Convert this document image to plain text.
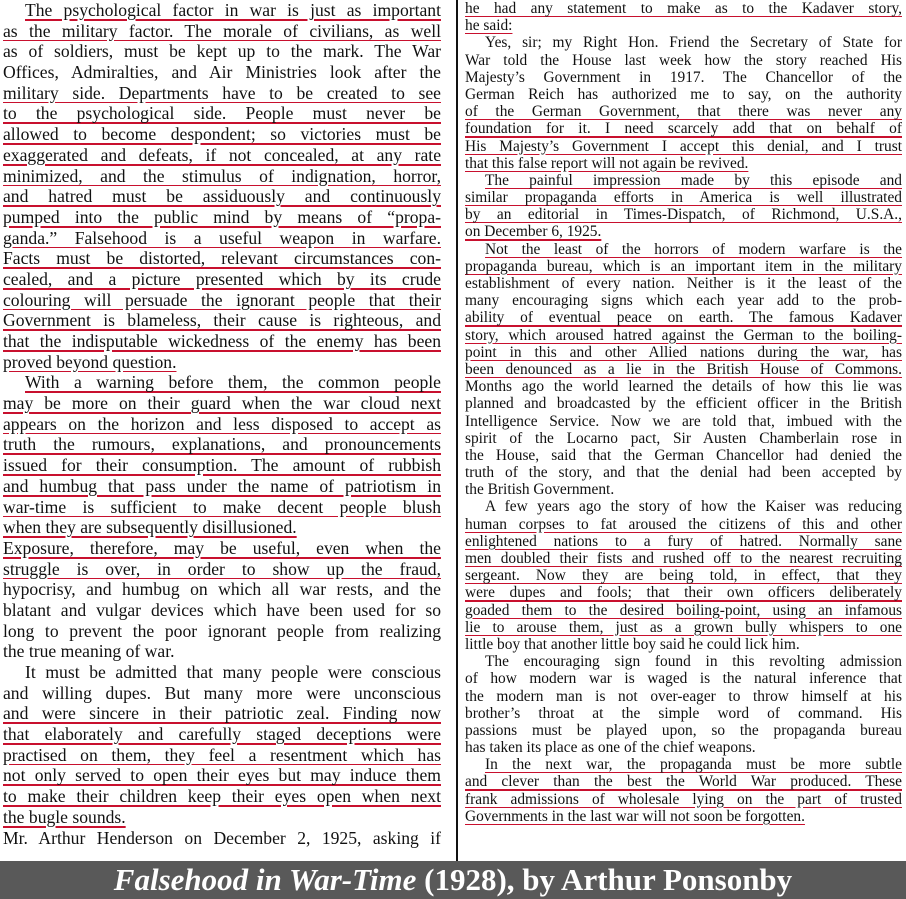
The psychological factor in war is just as important
as the military factor. The morale of civilians, as well
as of soldiers, must be kept up to the mark. The War
Offices, Admiralties, and Air Ministries look after the
military side. Departments have to be created to see
to the psychological side. People must never be
allowed to become despondent; so victories must be
exaggerated and defeats, if not concealed, at any rate
minimized, and the stimulus of indignation, horror,
and hatred must be assiduously and continuously
pumped into the public mind by means of “propa-
ganda.” Falsehood is a useful weapon in warfare.
Facts must be distorted, relevant circumstances con-
cealed, and a picture presented which by its crude
colouring will persuade the ignorant people that their
Government is blameless, their cause is righteous, and
that the indisputable wickedness of the enemy has been
proved beyond question.
With a warning before them, the common people
may be more on their guard when the war cloud next
appears on the horizon and less disposed to accept as
truth the rumours, explanations, and pronouncements
issued for their consumption. The amount of rubbish
and humbug that pass under the name of patriotism in
war-time is sufficient to make decent people blush
when they are subsequently disillusioned.
Exposure, therefore, may be useful, even when the
struggle is over, in order to show up the fraud,
hypocrisy, and humbug on which all war rests, and the
blatant and vulgar devices which have been used for so
long to prevent the poor ignorant people from realizing
the true meaning of war.
It must be admitted that many people were conscious
and willing dupes. But many more were unconscious
and were sincere in their patriotic zeal. Finding now
that elaborately and carefully staged deceptions were
practised on them, they feel a resentment which has
not only served to open their eyes but may induce them
to make their children keep their eyes open when next
the bugle sounds.
Mr. Arthur Henderson on December 2, 1925, asking if
he had any statement to make as to the Kadaver story,
he said:
Yes, sir; my Right Hon. Friend the Secretary of State for
War told the House last week how the story reached His
Majesty’s Government in 1917. The Chancellor of the
German Reich has authorized me to say, on the authority
of the German Government, that there was never any
foundation for it. I need scarcely add that on behalf of
His Majesty’s Government I accept this denial, and I trust
that this false report will not again be revived.
The painful impression made by this episode and
similar propaganda efforts in America is well illustrated
by an editorial in Times-Dispatch, of Richmond, U.S.A.,
on December 6, 1925.
Not the least of the horrors of modern warfare is the
propaganda bureau, which is an important item in the military
establishment of every nation. Neither is it the least of the
many encouraging signs which each year add to the prob-
ability of eventual peace on earth. The famous Kadaver
story, which aroused hatred against the German to the boiling-
point in this and other Allied nations during the war, has
been denounced as a lie in the British House of Commons.
Months ago the world learned the details of how this lie was
planned and broadcasted by the efficient officer in the British
Intelligence Service. Now we are told that, imbued with the
spirit of the Locarno pact, Sir Austen Chamberlain rose in
the House, said that the German Chancellor had denied the
truth of the story, and that the denial had been accepted by
the British Government.
A few years ago the story of how the Kaiser was reducing
human corpses to fat aroused the citizens of this and other
enlightened nations to a fury of hatred. Normally sane
men doubled their fists and rushed off to the nearest recruiting
sergeant. Now they are being told, in effect, that they
were dupes and fools; that their own officers deliberately
goaded them to the desired boiling-point, using an infamous
lie to arouse them, just as a grown bully whispers to one
little boy that another little boy said he could lick him.
The encouraging sign found in this revolting admission
of how modern war is waged is the natural inference that
the modern man is not over-eager to throw himself at his
brother’s throat at the simple word of command. His
passions must be played upon, so the propaganda bureau
has taken its place as one of the chief weapons.
In the next war, the propaganda must be more subtle
and clever than the best the World War produced. These
frank admissions of wholesale lying on the part of trusted
Governments in the last war will not soon be forgotten.
Falsehood in War-Time (1928), by Arthur Ponsonby
